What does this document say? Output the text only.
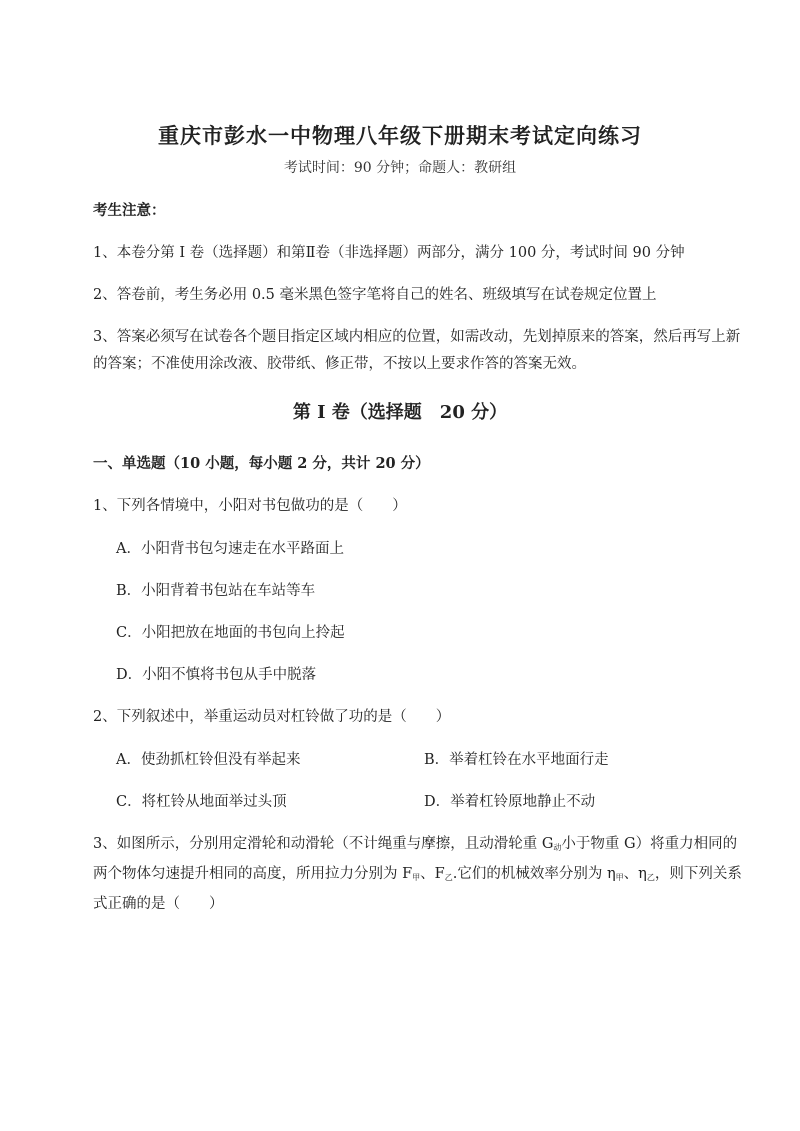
重庆市彭水一中物理八年级下册期末考试定向练习
考试时间：90 分钟；命题人：教研组
考生注意：
1、本卷分第 I 卷（选择题）和第Ⅱ卷（非选择题）两部分，满分 100 分，考试时间 90 分钟
2、答卷前，考生务必用 0.5 毫米黑色签字笔将自己的姓名、班级填写在试卷规定位置上
3、答案必须写在试卷各个题目指定区域内相应的位置，如需改动，先划掉原来的答案，然后再写上新的答案；不准使用涂改液、胶带纸、修正带，不按以上要求作答的答案无效。
第 I 卷（选择题　20 分）
一、单选题（10 小题，每小题 2 分，共计 20 分）
1、下列各情境中，小阳对书包做功的是（　　）
A．小阳背书包匀速走在水平路面上
B．小阳背着书包站在车站等车
C．小阳把放在地面的书包向上拎起
D．小阳不慎将书包从手中脱落
2、下列叙述中，举重运动员对杠铃做了功的是（　　）
A．使劲抓杠铃但没有举起来	B．举着杠铃在水平地面行走
C．将杠铃从地面举过头顶	D．举着杠铃原地静止不动
3、如图所示，分别用定滑轮和动滑轮（不计绳重与摩擦，且动滑轮重 $G_动$小于物重 G）将重力相同的两个物体匀速提升相同的高度，所用拉力分别为 $F_甲$、$F_乙$.它们的机械效率分别为 $\eta_甲$、$\eta_乙$，则下列关系式正确的是（　　）
